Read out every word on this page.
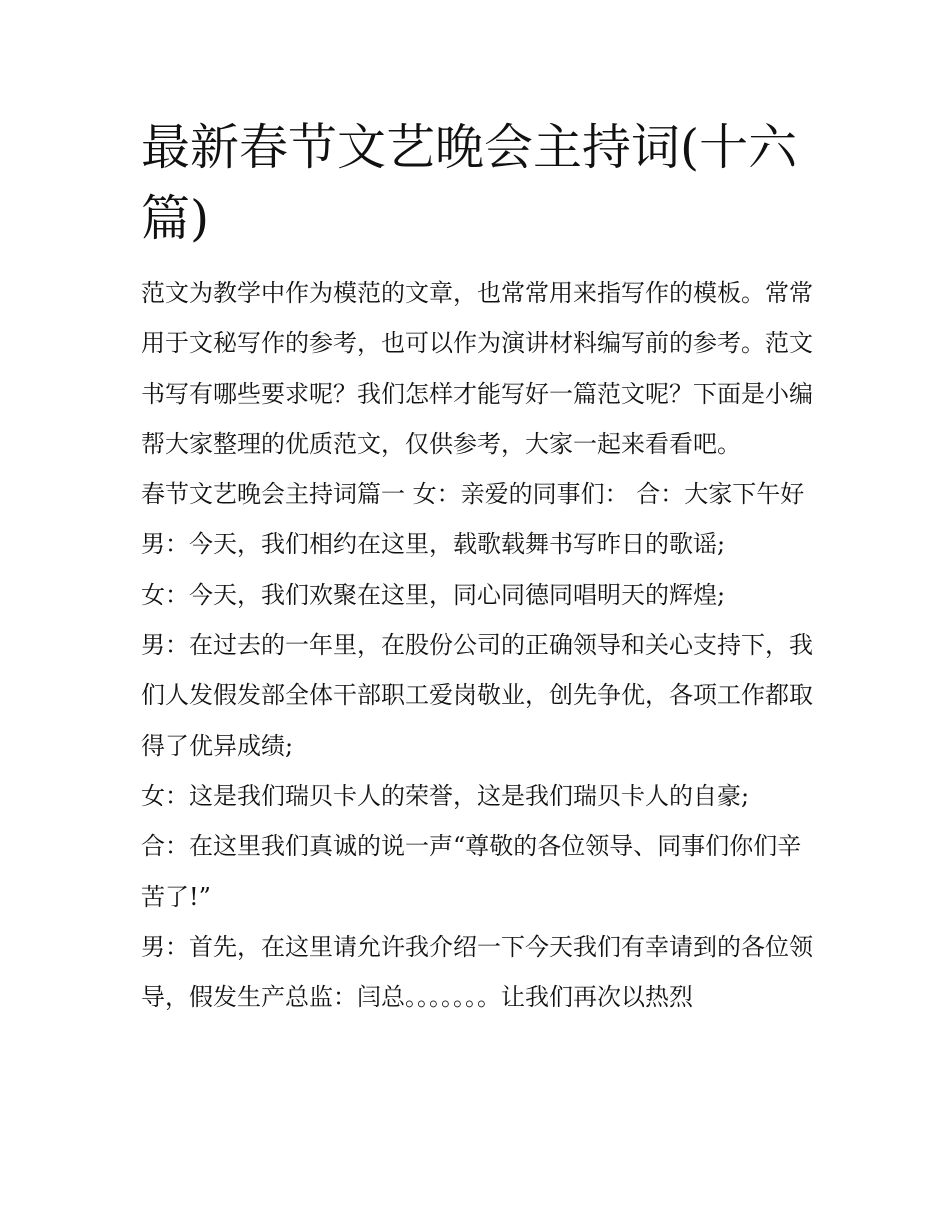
最新春节文艺晚会主持词(十六篇)

范文为教学中作为模范的文章，也常常用来指写作的模板。常常用于文秘写作的参考，也可以作为演讲材料编写前的参考。范文书写有哪些要求呢？我们怎样才能写好一篇范文呢？下面是小编帮大家整理的优质范文，仅供参考，大家一起来看看吧。

春节文艺晚会主持词篇一 女：亲爱的同事们： 合：大家下午好 男：今天，我们相约在这里，载歌载舞书写昨日的歌谣;

女：今天，我们欢聚在这里，同心同德同唱明天的辉煌;

男：在过去的一年里，在股份公司的正确领导和关心支持下，我们人发假发部全体干部职工爱岗敬业，创先争优，各项工作都取得了优异成绩;

女：这是我们瑞贝卡人的荣誉，这是我们瑞贝卡人的自豪;

合：在这里我们真诚的说一声“尊敬的各位领导、同事们你们辛苦了!”

男：首先，在这里请允许我介绍一下今天我们有幸请到的各位领导，假发生产总监：闫总。。。。。。。让我们再次以热烈
